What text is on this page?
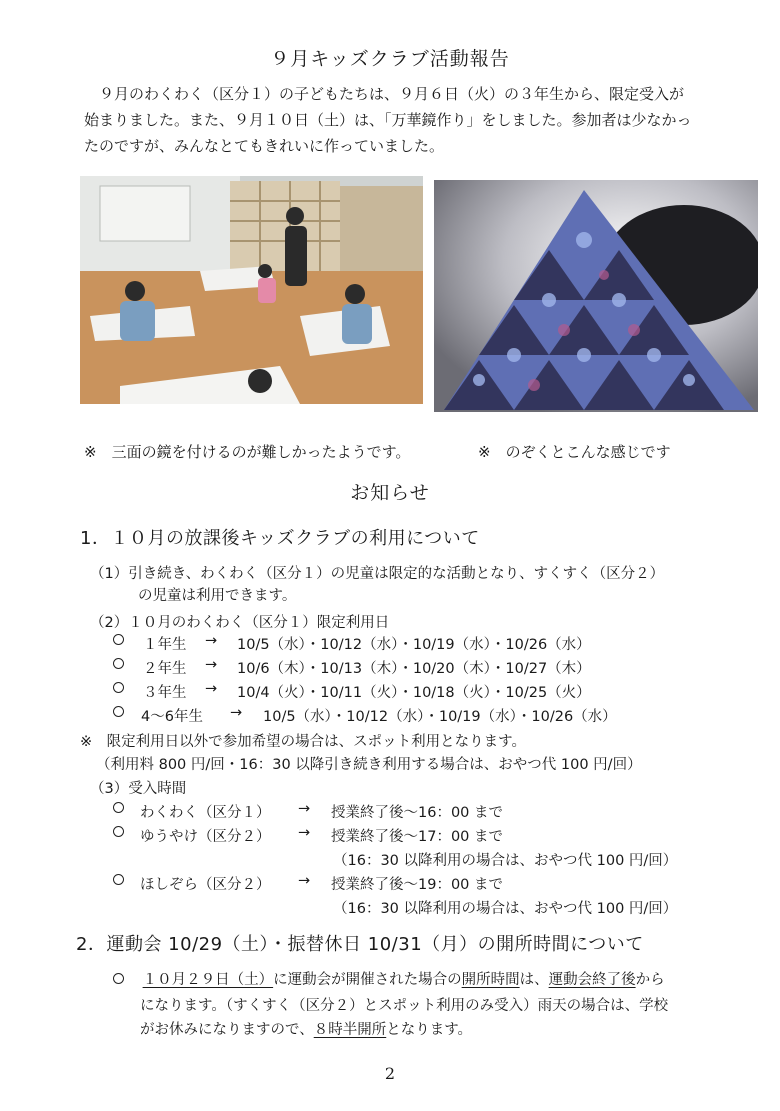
９月キッズクラブ活動報告
　９月のわくわく（区分１）の子どもたちは、９月６日（火）の３年生から、限定受入が
始まりました。また、９月１０日（土）は、「万華鏡作り」をしました。参加者は少なかっ
たのですが、みんなとてもきれいに作っていました。
※　三面の鏡を付けるのが難しかったようです。	※　のぞくとこんな感じです
お知らせ
1．１０月の放課後キッズクラブの利用について
（1）引き続き、わくわく（区分１）の児童は限定的な活動となり、すくすく（区分２）
の児童は利用できます。
（2）１０月のわくわく（区分１）限定利用日
１年生 → 10/5（水）・10/12（水）・10/19（水）・10/26（水）
２年生 → 10/6（木）・10/13（木）・10/20（木）・10/27（木）
３年生 → 10/4（火）・10/11（火）・10/18（火）・10/25（火）
4～6年生 → 10/5（水）・10/12（水）・10/19（水）・10/26（水）
※　限定利用日以外で参加希望の場合は、スポット利用となります。
（利用料 800 円/回・16：30 以降引き続き利用する場合は、おやつ代 100 円/回）
（3）受入時間
わくわく（区分１） → 授業終了後～16：00 まで
ゆうやけ（区分２） → 授業終了後～17：00 まで
（16：30 以降利用の場合は、おやつ代 100 円/回）
ほしぞら（区分２） → 授業終了後～19：00 まで
（16：30 以降利用の場合は、おやつ代 100 円/回）
2．運動会 10/29（土）・振替休日 10/31（月）の開所時間について
１０月２９日（土）に運動会が開催された場合の開所時間は、運動会終了後から
になります。（すくすく（区分２）とスポット利用のみ受入）雨天の場合は、学校
がお休みになりますので、８時半開所となります。
2
